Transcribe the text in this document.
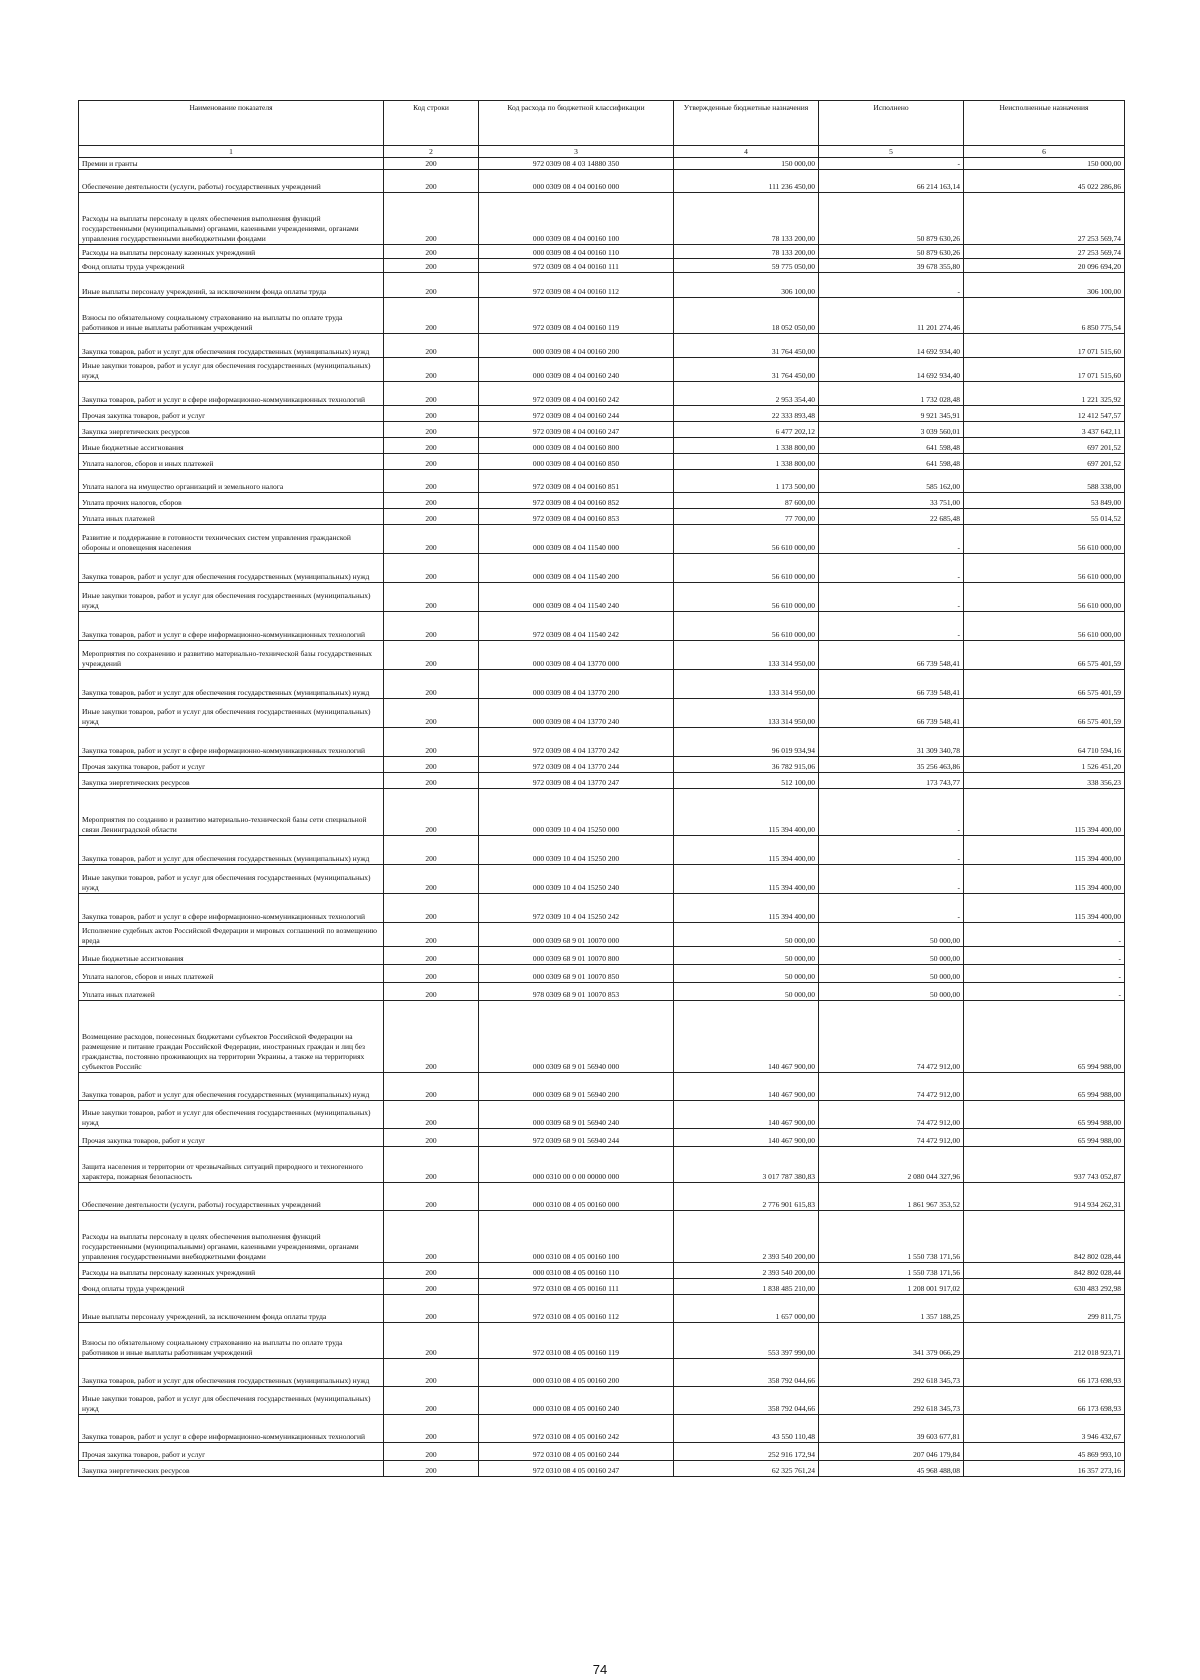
Наименование показателя	Код строки	Код расхода по бюджетной классификации	Утвержденные бюджетные назначения	Исполнено	Неисполненные назначения
1	2	3	4	5	6
Премии и гранты	200	972 0309 08 4 03 14880 350	150 000,00	-	150 000,00
Обеспечение деятельности (услуги, работы) государственных учреждений	200	000 0309 08 4 04 00160 000	111 236 450,00	66 214 163,14	45 022 286,86
Расходы на выплаты персоналу в целях обеспечения выполнения функций государственными (муниципальными) органами, казенными учреждениями, органами управления государственными внебюджетными фондами	200	000 0309 08 4 04 00160 100	78 133 200,00	50 879 630,26	27 253 569,74
Расходы на выплаты персоналу казенных учреждений	200	000 0309 08 4 04 00160 110	78 133 200,00	50 879 630,26	27 253 569,74
Фонд оплаты труда учреждений	200	972 0309 08 4 04 00160 111	59 775 050,00	39 678 355,80	20 096 694,20
Иные выплаты персоналу учреждений, за исключением фонда оплаты труда	200	972 0309 08 4 04 00160 112	306 100,00	-	306 100,00
Взносы по обязательному социальному страхованию на выплаты по оплате труда работников и иные выплаты работникам учреждений	200	972 0309 08 4 04 00160 119	18 052 050,00	11 201 274,46	6 850 775,54
Закупка товаров, работ и услуг для обеспечения государственных (муниципальных) нужд	200	000 0309 08 4 04 00160 200	31 764 450,00	14 692 934,40	17 071 515,60
Иные закупки товаров, работ и услуг для обеспечения государственных (муниципальных) нужд	200	000 0309 08 4 04 00160 240	31 764 450,00	14 692 934,40	17 071 515,60
Закупка товаров, работ и услуг в сфере информационно-коммуникационных технологий	200	972 0309 08 4 04 00160 242	2 953 354,40	1 732 028,48	1 221 325,92
Прочая закупка товаров, работ и услуг	200	972 0309 08 4 04 00160 244	22 333 893,48	9 921 345,91	12 412 547,57
Закупка энергетических ресурсов	200	972 0309 08 4 04 00160 247	6 477 202,12	3 039 560,01	3 437 642,11
Иные бюджетные ассигнования	200	000 0309 08 4 04 00160 800	1 338 800,00	641 598,48	697 201,52
Уплата налогов, сборов и иных платежей	200	000 0309 08 4 04 00160 850	1 338 800,00	641 598,48	697 201,52
Уплата налога на имущество организаций и земельного налога	200	972 0309 08 4 04 00160 851	1 173 500,00	585 162,00	588 338,00
Уплата прочих налогов, сборов	200	972 0309 08 4 04 00160 852	87 600,00	33 751,00	53 849,00
Уплата иных платежей	200	972 0309 08 4 04 00160 853	77 700,00	22 685,48	55 014,52
Развитие и поддержание в готовности технических систем управления гражданской обороны и оповещения населения	200	000 0309 08 4 04 11540 000	56 610 000,00	-	56 610 000,00
Закупка товаров, работ и услуг для обеспечения государственных (муниципальных) нужд	200	000 0309 08 4 04 11540 200	56 610 000,00	-	56 610 000,00
Иные закупки товаров, работ и услуг для обеспечения государственных (муниципальных) нужд	200	000 0309 08 4 04 11540 240	56 610 000,00	-	56 610 000,00
Закупка товаров, работ и услуг в сфере информационно-коммуникационных технологий	200	972 0309 08 4 04 11540 242	56 610 000,00	-	56 610 000,00
Мероприятия по сохранению и развитию материально-технической базы государственных учреждений	200	000 0309 08 4 04 13770 000	133 314 950,00	66 739 548,41	66 575 401,59
Закупка товаров, работ и услуг для обеспечения государственных (муниципальных) нужд	200	000 0309 08 4 04 13770 200	133 314 950,00	66 739 548,41	66 575 401,59
Иные закупки товаров, работ и услуг для обеспечения государственных (муниципальных) нужд	200	000 0309 08 4 04 13770 240	133 314 950,00	66 739 548,41	66 575 401,59
Закупка товаров, работ и услуг в сфере информационно-коммуникационных технологий	200	972 0309 08 4 04 13770 242	96 019 934,94	31 309 340,78	64 710 594,16
Прочая закупка товаров, работ и услуг	200	972 0309 08 4 04 13770 244	36 782 915,06	35 256 463,86	1 526 451,20
Закупка энергетических ресурсов	200	972 0309 08 4 04 13770 247	512 100,00	173 743,77	338 356,23
Мероприятия по созданию и развитию материально-технической базы сети специальной связи Ленинградской области	200	000 0309 10 4 04 15250 000	115 394 400,00	-	115 394 400,00
Закупка товаров, работ и услуг для обеспечения государственных (муниципальных) нужд	200	000 0309 10 4 04 15250 200	115 394 400,00	-	115 394 400,00
Иные закупки товаров, работ и услуг для обеспечения государственных (муниципальных) нужд	200	000 0309 10 4 04 15250 240	115 394 400,00	-	115 394 400,00
Закупка товаров, работ и услуг в сфере информационно-коммуникационных технологий	200	972 0309 10 4 04 15250 242	115 394 400,00	-	115 394 400,00
Исполнение судебных актов Российской Федерации и мировых соглашений по возмещению вреда	200	000 0309 68 9 01 10070 000	50 000,00	50 000,00	-
Иные бюджетные ассигнования	200	000 0309 68 9 01 10070 800	50 000,00	50 000,00	-
Уплата налогов, сборов и иных платежей	200	000 0309 68 9 01 10070 850	50 000,00	50 000,00	-
Уплата иных платежей	200	978 0309 68 9 01 10070 853	50 000,00	50 000,00	-
Возмещение расходов, понесенных бюджетами субъектов Российской Федерации на размещение и питание граждан Российской Федерации, иностранных граждан и лиц без гражданства, постоянно проживающих на территории Украины, а также на территориях субъектов Российс	200	000 0309 68 9 01 56940 000	140 467 900,00	74 472 912,00	65 994 988,00
Закупка товаров, работ и услуг для обеспечения государственных (муниципальных) нужд	200	000 0309 68 9 01 56940 200	140 467 900,00	74 472 912,00	65 994 988,00
Иные закупки товаров, работ и услуг для обеспечения государственных (муниципальных) нужд	200	000 0309 68 9 01 56940 240	140 467 900,00	74 472 912,00	65 994 988,00
Прочая закупка товаров, работ и услуг	200	972 0309 68 9 01 56940 244	140 467 900,00	74 472 912,00	65 994 988,00
Защита населения и территории от чрезвычайных ситуаций природного и техногенного характера, пожарная безопасность	200	000 0310 00 0 00 00000 000	3 017 787 380,83	2 080 044 327,96	937 743 052,87
Обеспечение деятельности (услуги, работы) государственных учреждений	200	000 0310 08 4 05 00160 000	2 776 901 615,83	1 861 967 353,52	914 934 262,31
Расходы на выплаты персоналу в целях обеспечения выполнения функций государственными (муниципальными) органами, казенными учреждениями, органами управления государственными внебюджетными фондами	200	000 0310 08 4 05 00160 100	2 393 540 200,00	1 550 738 171,56	842 802 028,44
Расходы на выплаты персоналу казенных учреждений	200	000 0310 08 4 05 00160 110	2 393 540 200,00	1 550 738 171,56	842 802 028,44
Фонд оплаты труда учреждений	200	972 0310 08 4 05 00160 111	1 838 485 210,00	1 208 001 917,02	630 483 292,98
Иные выплаты персоналу учреждений, за исключением фонда оплаты труда	200	972 0310 08 4 05 00160 112	1 657 000,00	1 357 188,25	299 811,75
Взносы по обязательному социальному страхованию на выплаты по оплате труда работников и иные выплаты работникам учреждений	200	972 0310 08 4 05 00160 119	553 397 990,00	341 379 066,29	212 018 923,71
Закупка товаров, работ и услуг для обеспечения государственных (муниципальных) нужд	200	000 0310 08 4 05 00160 200	358 792 044,66	292 618 345,73	66 173 698,93
Иные закупки товаров, работ и услуг для обеспечения государственных (муниципальных) нужд	200	000 0310 08 4 05 00160 240	358 792 044,66	292 618 345,73	66 173 698,93
Закупка товаров, работ и услуг в сфере информационно-коммуникационных технологий	200	972 0310 08 4 05 00160 242	43 550 110,48	39 603 677,81	3 946 432,67
Прочая закупка товаров, работ и услуг	200	972 0310 08 4 05 00160 244	252 916 172,94	207 046 179,84	45 869 993,10
Закупка энергетических ресурсов	200	972 0310 08 4 05 00160 247	62 325 761,24	45 968 488,08	16 357 273,16
74
